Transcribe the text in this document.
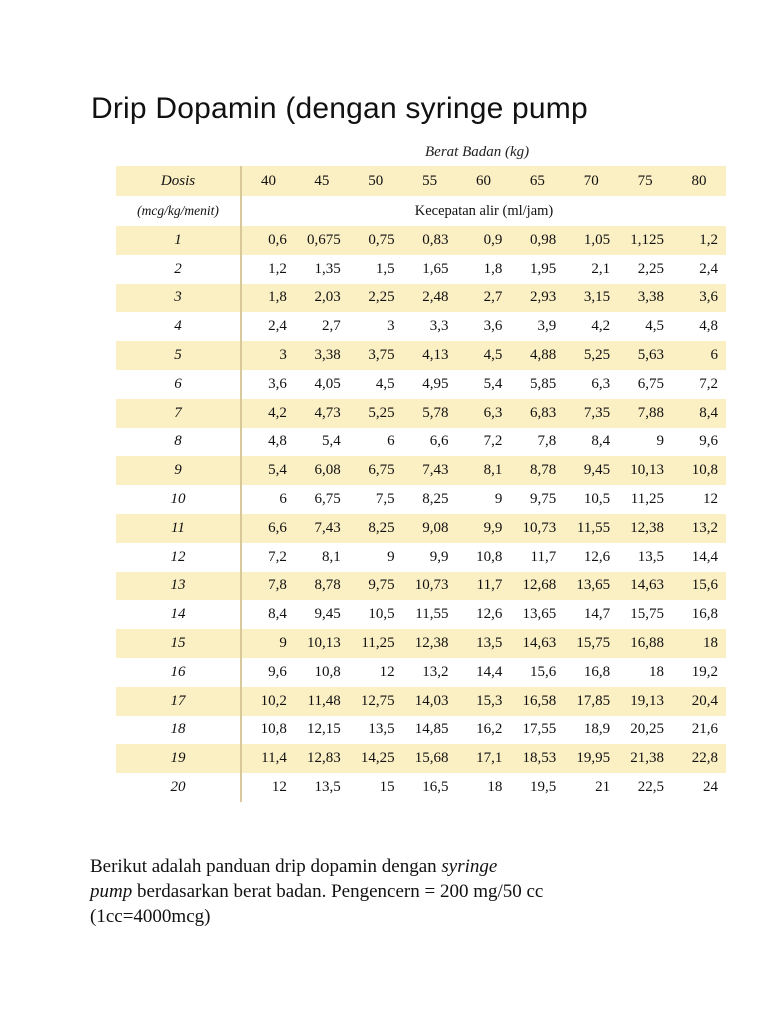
Drip Dopamin (dengan syringe pump
Berat Badan (kg)
Dosis	40	45	50	55	60	65	70	75	80
(mcg/kg/menit)	Kecepatan alir (ml/jam)								
1	0,6	0,675	0,75	0,83	0,9	0,98	1,05	1,125	1,2
2	1,2	1,35	1,5	1,65	1,8	1,95	2,1	2,25	2,4
3	1,8	2,03	2,25	2,48	2,7	2,93	3,15	3,38	3,6
4	2,4	2,7	3	3,3	3,6	3,9	4,2	4,5	4,8
5	3	3,38	3,75	4,13	4,5	4,88	5,25	5,63	6
6	3,6	4,05	4,5	4,95	5,4	5,85	6,3	6,75	7,2
7	4,2	4,73	5,25	5,78	6,3	6,83	7,35	7,88	8,4
8	4,8	5,4	6	6,6	7,2	7,8	8,4	9	9,6
9	5,4	6,08	6,75	7,43	8,1	8,78	9,45	10,13	10,8
10	6	6,75	7,5	8,25	9	9,75	10,5	11,25	12
11	6,6	7,43	8,25	9,08	9,9	10,73	11,55	12,38	13,2
12	7,2	8,1	9	9,9	10,8	11,7	12,6	13,5	14,4
13	7,8	8,78	9,75	10,73	11,7	12,68	13,65	14,63	15,6
14	8,4	9,45	10,5	11,55	12,6	13,65	14,7	15,75	16,8
15	9	10,13	11,25	12,38	13,5	14,63	15,75	16,88	18
16	9,6	10,8	12	13,2	14,4	15,6	16,8	18	19,2
17	10,2	11,48	12,75	14,03	15,3	16,58	17,85	19,13	20,4
18	10,8	12,15	13,5	14,85	16,2	17,55	18,9	20,25	21,6
19	11,4	12,83	14,25	15,68	17,1	18,53	19,95	21,38	22,8
20	12	13,5	15	16,5	18	19,5	21	22,5	24

Berikut adalah panduan drip dopamin dengan syringe
pump berdasarkan berat badan. Pengencern = 200 mg/50 cc
(1cc=4000mcg)
